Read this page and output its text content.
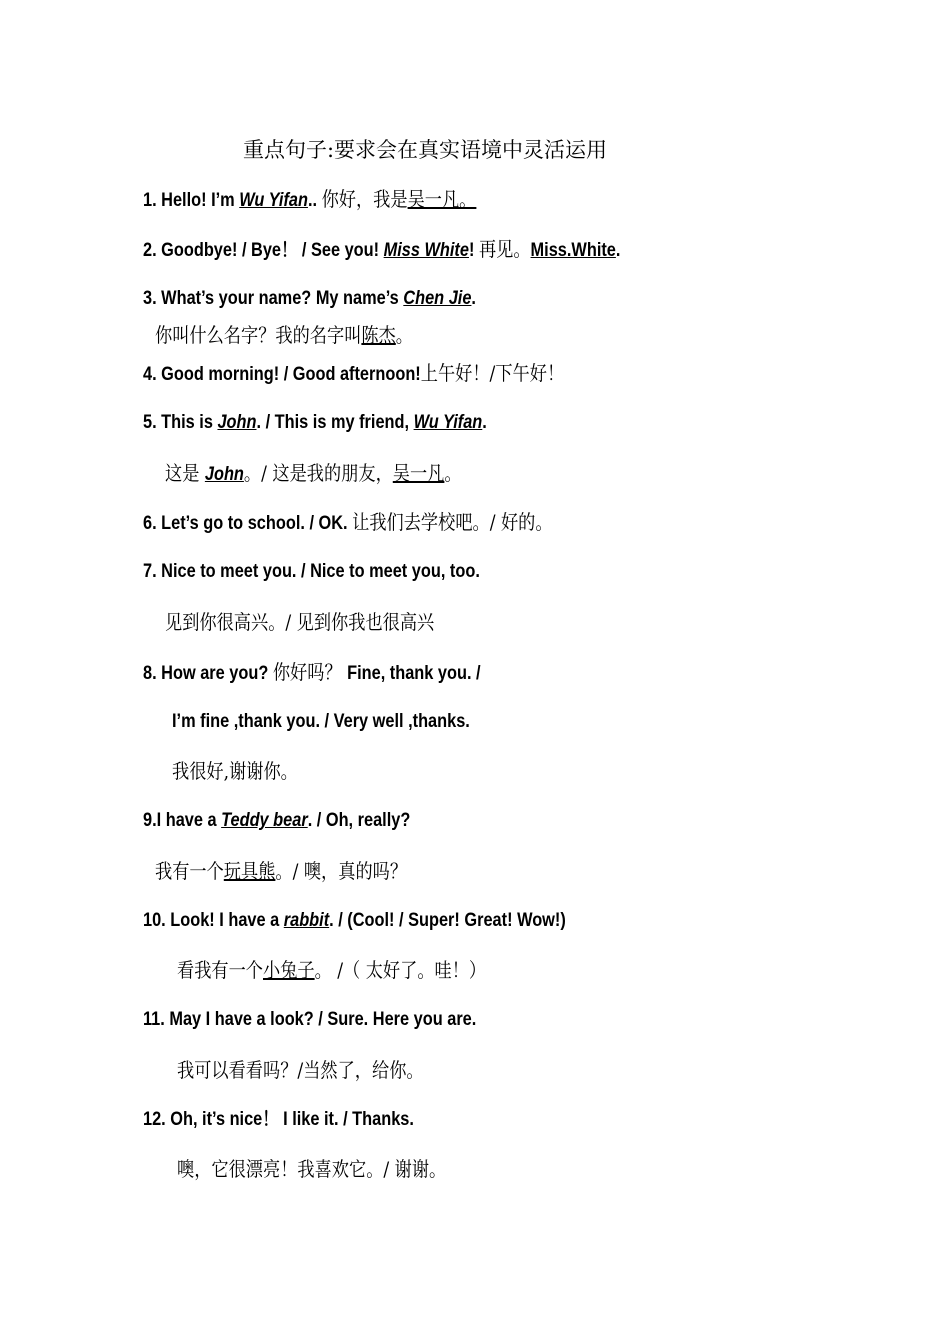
重点句子:要求会在真实语境中灵活运用
1. Hello! I’m Wu Yifan.. 你好，我是吴一凡。
2. Goodbye! / Bye！ / See you! Miss White! 再见。Miss.White.
3. What’s your name? My name’s Chen Jie.
你叫什么名字？我的名字叫陈杰。
4. Good morning! / Good afternoon!上午好！/下午好！
5. This is John. / This is my friend, Wu Yifan.
这是 John。/ 这是我的朋友，吴一凡。
6. Let’s go to school. / OK. 让我们去学校吧。/ 好的。
7. Nice to meet you. / Nice to meet you, too.
见到你很高兴。/ 见到你我也很高兴
8. How are you? 你好吗？ Fine, thank you. /
I’m fine ,thank you. / Very well ,thanks.
我很好,谢谢你。
9.I have a Teddy bear. / Oh, really?
我有一个玩具熊。/ 噢，真的吗？
10. Look! I have a rabbit. / (Cool! / Super! Great! Wow!)
看我有一个小兔子。 /（ 太好了。哇！）
11. May I have a look? / Sure. Here you are.
我可以看看吗？/当然了，给你。
12. Oh, it’s nice！ I like it. / Thanks.
噢，它很漂亮！我喜欢它。/ 谢谢。
